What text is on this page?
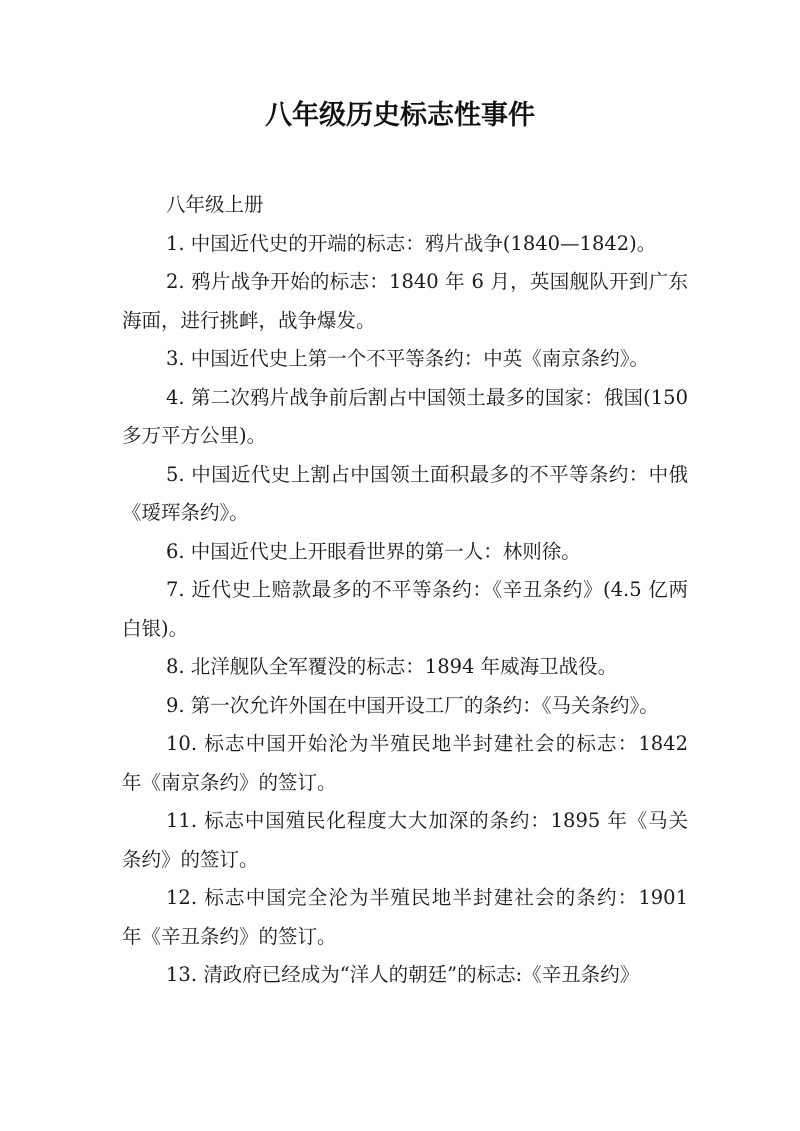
八年级历史标志性事件
八年级上册

1. 中国近代史的开端的标志：鸦片战争(1840—1842)。

2. 鸦片战争开始的标志：1840 年 6 月，英国舰队开到广东海面，进行挑衅，战争爆发。

3. 中国近代史上第一个不平等条约：中英《南京条约》。

4. 第二次鸦片战争前后割占中国领土最多的国家：俄国(150 多万平方公里)。

5. 中国近代史上割占中国领土面积最多的不平等条约：中俄《瑷珲条约》。

6. 中国近代史上开眼看世界的第一人：林则徐。

7. 近代史上赔款最多的不平等条约：《辛丑条约》(4.5 亿两白银)。

8. 北洋舰队全军覆没的标志：1894 年威海卫战役。

9. 第一次允许外国在中国开设工厂的条约：《马关条约》。

10. 标志中国开始沦为半殖民地半封建社会的标志：1842 年《南京条约》的签订。

11. 标志中国殖民化程度大大加深的条约：1895 年《马关条约》的签订。

12. 标志中国完全沦为半殖民地半封建社会的条约：1901 年《辛丑条约》的签订。

13. 清政府已经成为“洋人的朝廷”的标志:《辛丑条约》
